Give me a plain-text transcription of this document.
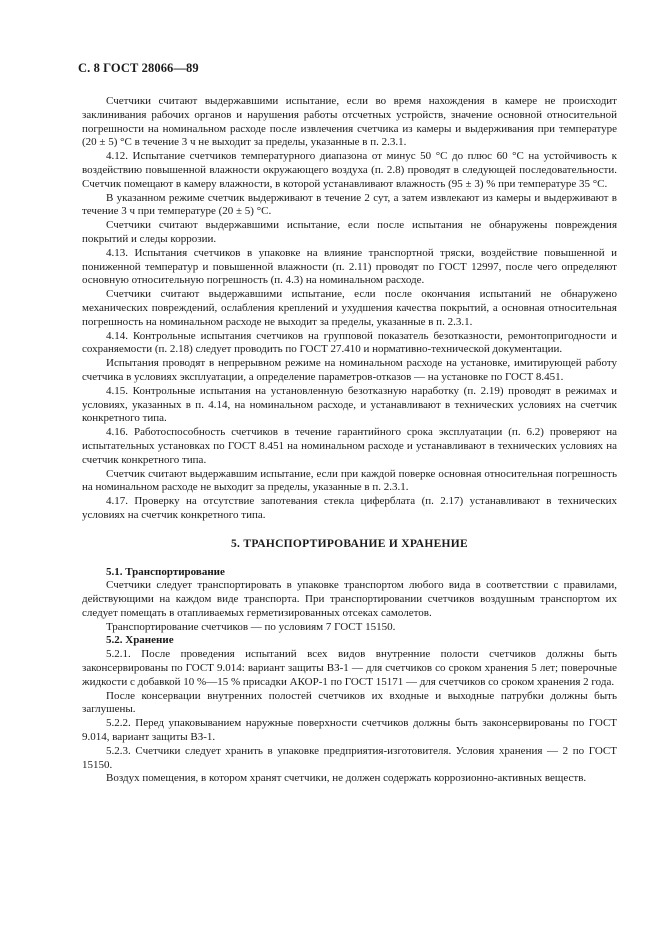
С. 8 ГОСТ 28066—89

Счетчики считают выдержавшими испытание, если во время нахождения в камере не происходит заклинивания рабочих органов и нарушения работы отсчетных устройств, значение основной относительной погрешности на номинальном расходе после извлечения счетчика из камеры и выдерживания при температуре (20 ± 5) °С в течение 3 ч не выходит за пределы, указанные в п. 2.3.1.

4.12. Испытание счетчиков температурного диапазона от минус 50 °С до плюс 60 °С на устойчивость к воздействию повышенной влажности окружающего воздуха (п. 2.8) проводят в следующей последовательности. Счетчик помещают в камеру влажности, в которой устанавливают влажность (95 ± 3) % при температуре 35 °С.

В указанном режиме счетчик выдерживают в течение 2 сут, а затем извлекают из камеры и выдерживают в течение 3 ч при температуре (20 ± 5) °С.

Счетчики считают выдержавшими испытание, если после испытания не обнаружены повреждения покрытий и следы коррозии.

4.13. Испытания счетчиков в упаковке на влияние транспортной тряски, воздействие повышенной и пониженной температур и повышенной влажности (п. 2.11) проводят по ГОСТ 12997, после чего определяют основную относительную погрешность (п. 4.3) на номинальном расходе.

Счетчики считают выдержавшими испытание, если после окончания испытаний не обнаружено механических повреждений, ослабления креплений и ухудшения качества покрытий, а основная относительная погрешность на номинальном расходе не выходит за пределы, указанные в п. 2.3.1.

4.14. Контрольные испытания счетчиков на групповой показатель безотказности, ремонтопригодности и сохраняемости (п. 2.18) следует проводить по ГОСТ 27.410 и нормативно-технической документации.

Испытания проводят в непрерывном режиме на номинальном расходе на установке, имитирующей работу счетчика в условиях эксплуатации, а определение параметров-отказов — на установке по ГОСТ 8.451.

4.15. Контрольные испытания на установленную безотказную наработку (п. 2.19) проводят в режимах и условиях, указанных в п. 4.14, на номинальном расходе, и устанавливают в технических условиях на счетчик конкретного типа.

4.16. Работоспособность счетчиков в течение гарантийного срока эксплуатации (п. 6.2) проверяют на испытательных установках по ГОСТ 8.451 на номинальном расходе и устанавливают в технических условиях на счетчик конкретного типа.

Счетчик считают выдержавшим испытание, если при каждой поверке основная относительная погрешность на номинальном расходе не выходит за пределы, указанные в п. 2.3.1.

4.17. Проверку на отсутствие запотевания стекла циферблата (п. 2.17) устанавливают в технических условиях на счетчик конкретного типа.

5. ТРАНСПОРТИРОВАНИЕ И ХРАНЕНИЕ

5.1. Транспортирование

Счетчики следует транспортировать в упаковке транспортом любого вида в соответствии с правилами, действующими на каждом виде транспорта. При транспортировании счетчиков воздушным транспортом их следует помещать в отапливаемых герметизированных отсеках самолетов.

Транспортирование счетчиков — по условиям 7 ГОСТ 15150.

5.2. Хранение

5.2.1. После проведения испытаний всех видов внутренние полости счетчиков должны быть законсервированы по ГОСТ 9.014: вариант защиты ВЗ-1 — для счетчиков со сроком хранения 5 лет; поверочные жидкости с добавкой 10 %—15 % присадки АКОР-1 по ГОСТ 15171 — для счетчиков со сроком хранения 2 года.

После консервации внутренних полостей счетчиков их входные и выходные патрубки должны быть заглушены.

5.2.2. Перед упаковыванием наружные поверхности счетчиков должны быть законсервированы по ГОСТ 9.014, вариант защиты ВЗ-1.

5.2.3. Счетчики следует хранить в упаковке предприятия-изготовителя. Условия хранения — 2 по ГОСТ 15150.

Воздух помещения, в котором хранят счетчики, не должен содержать коррозионно-активных веществ.
